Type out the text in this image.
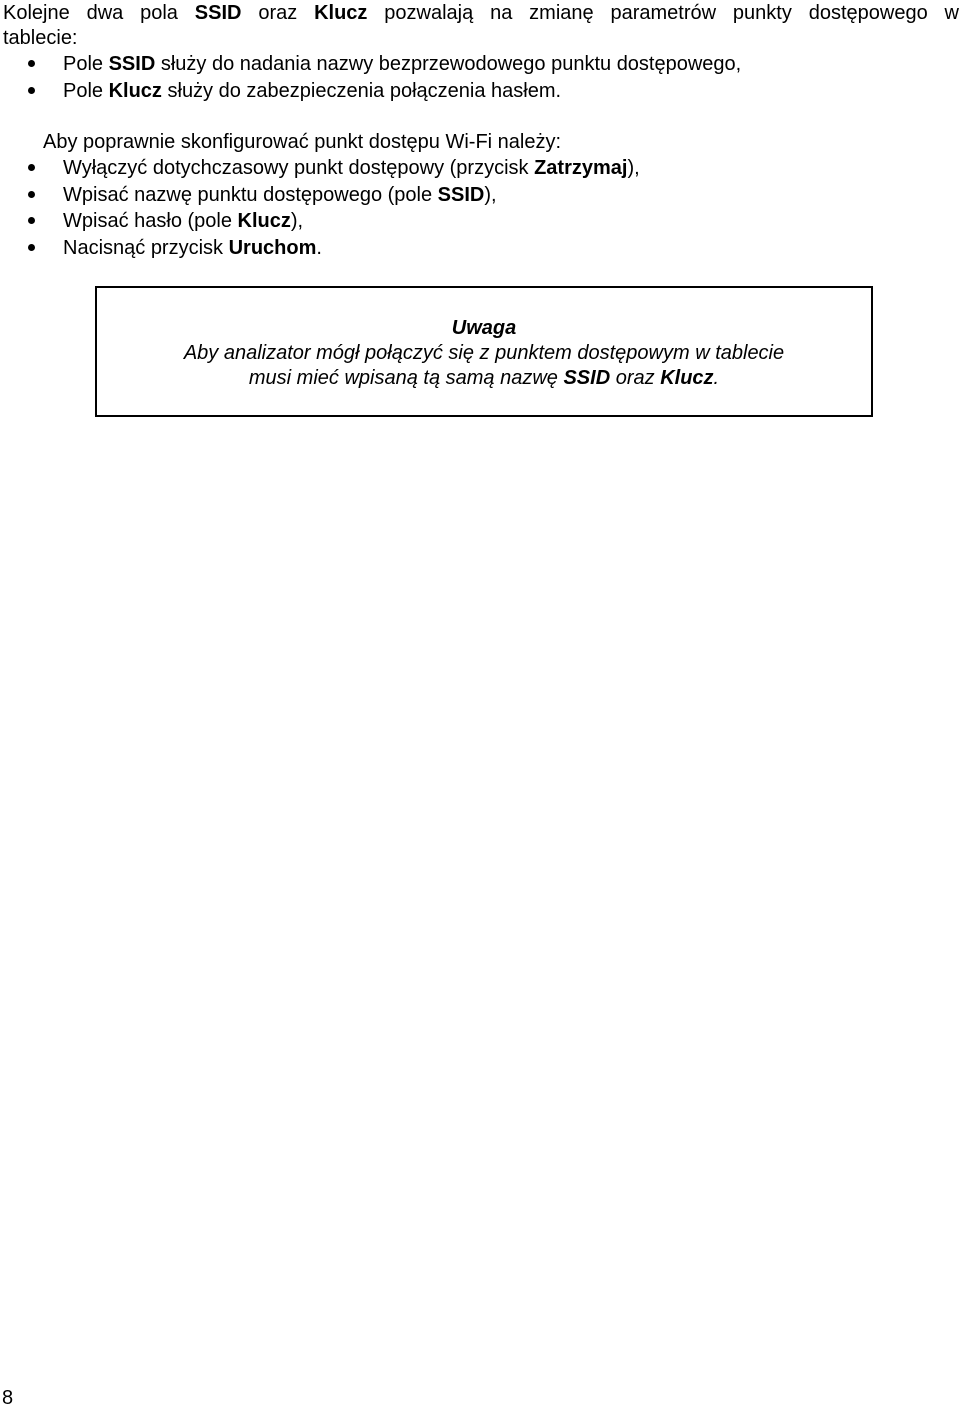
Kolejne dwa pola SSID oraz Klucz pozwalają na zmianę parametrów punkty dostępowego w
tablecie:
Pole SSID służy do nadania nazwy bezprzewodowego punktu dostępowego,
Pole Klucz służy do zabezpieczenia połączenia hasłem.
Aby poprawnie skonfigurować punkt dostępu Wi-Fi należy:
Wyłączyć dotychczasowy punkt dostępowy (przycisk Zatrzymaj),
Wpisać nazwę punktu dostępowego (pole SSID),
Wpisać hasło (pole Klucz),
Nacisnąć przycisk Uruchom.
Uwaga
Aby analizator mógł połączyć się z punktem dostępowym w tablecie
musi mieć wpisaną tą samą nazwę SSID oraz Klucz.
8
